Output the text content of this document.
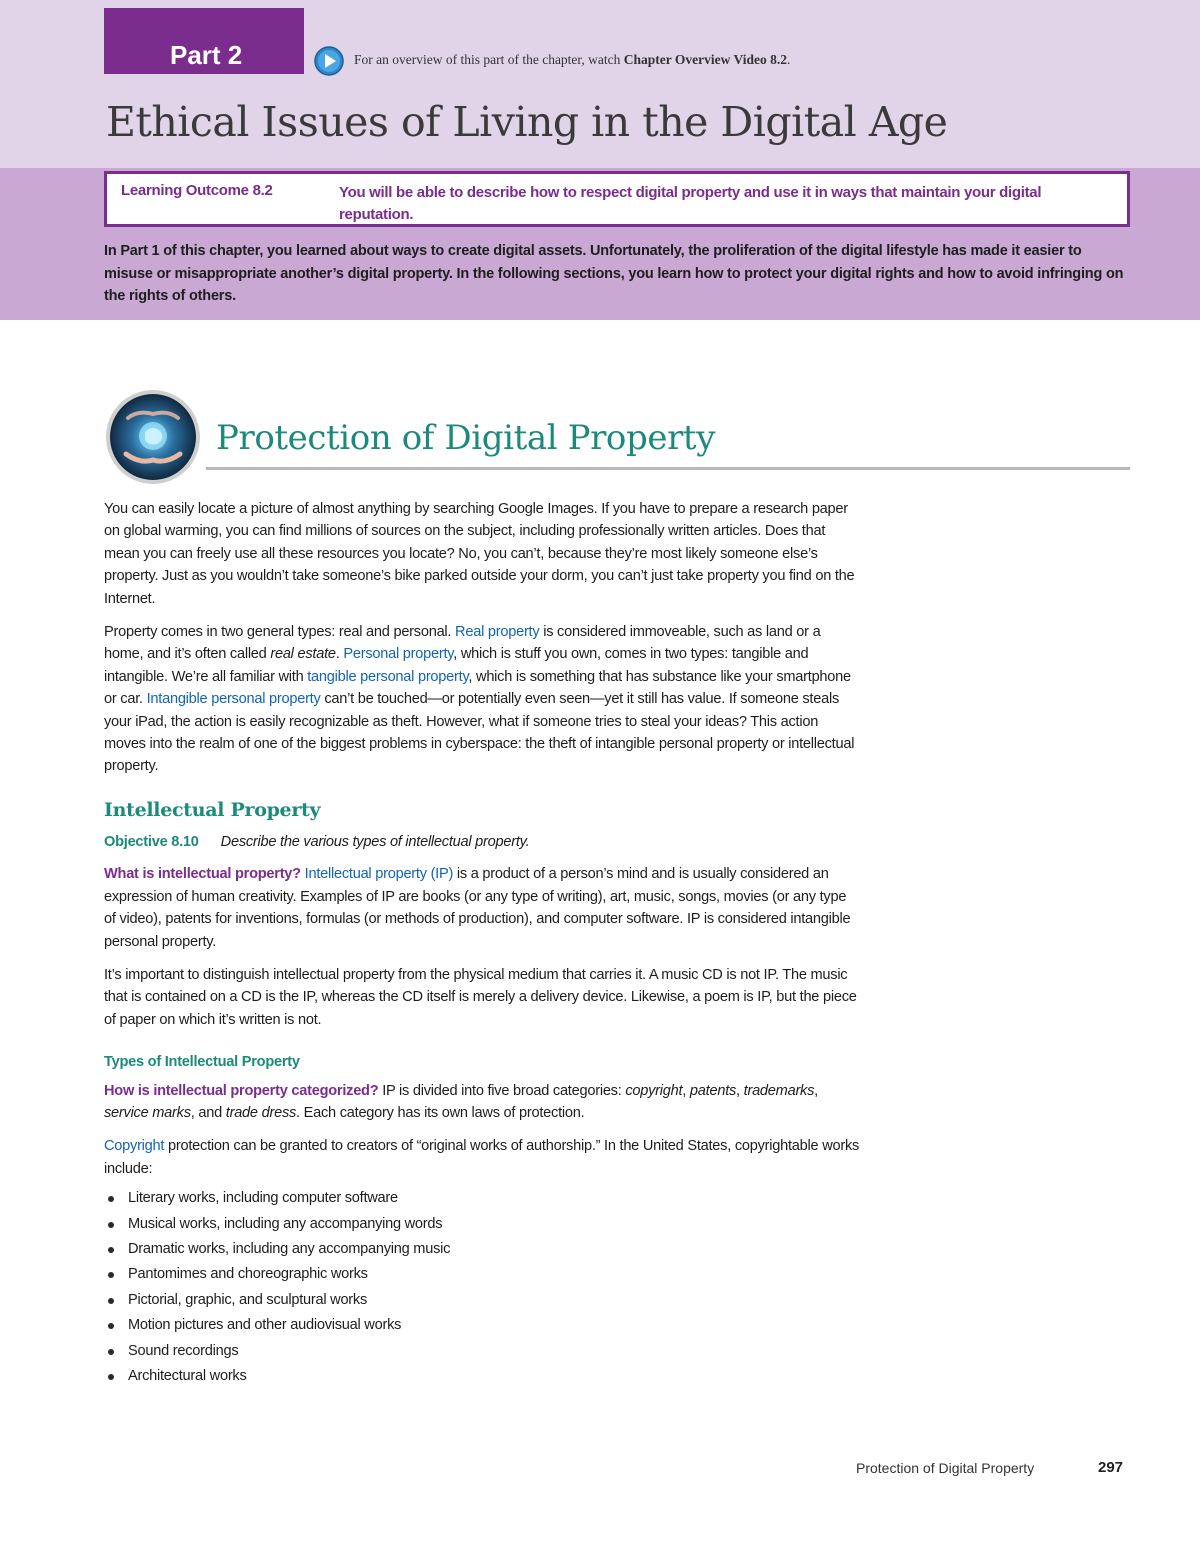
Part 2	For an overview of this part of the chapter, watch Chapter Overview Video 8.2.
Ethical Issues of Living in the Digital Age
Learning Outcome 8.2	You will be able to describe how to respect digital property and use it in ways that maintain your digital reputation.
In Part 1 of this chapter, you learned about ways to create digital assets. Unfortunately, the proliferation of the digital lifestyle has made it easier to misuse or misappropriate another’s digital property. In the following sections, you learn how to protect your digital rights and how to avoid infringing on the rights of others.
Protection of Digital Property

You can easily locate a picture of almost anything by searching Google Images. If you have to prepare a research paper on global warming, you can find millions of sources on the subject, including professionally written articles. Does that mean you can freely use all these resources you locate? No, you can’t, because they’re most likely someone else’s property. Just as you wouldn’t take someone’s bike parked outside your dorm, you can’t just take property you find on the Internet.

Property comes in two general types: real and personal. Real property is considered immoveable, such as land or a home, and it’s often called real estate. Personal property, which is stuff you own, comes in two types: tangible and intangible. We’re all familiar with tangible personal property, which is something that has substance like your smartphone or car. Intangible personal property can’t be touched—or potentially even seen—yet it still has value. If someone steals your iPad, the action is easily recognizable as theft. However, what if someone tries to steal your ideas? This action moves into the realm of one of the biggest problems in cyberspace: the theft of intangible personal property or intellectual property.

Intellectual Property
Objective 8.10 Describe the various types of intellectual property.

What is intellectual property? Intellectual property (IP) is a product of a person’s mind and is usually considered an expression of human creativity. Examples of IP are books (or any type of writing), art, music, songs, movies (or any type of video), patents for inventions, formulas (or methods of production), and computer software. IP is considered intangible personal property.

It’s important to distinguish intellectual property from the physical medium that carries it. A music CD is not IP. The music that is contained on a CD is the IP, whereas the CD itself is merely a delivery device. Likewise, a poem is IP, but the piece of paper on which it’s written is not.

Types of Intellectual Property

How is intellectual property categorized? IP is divided into five broad categories: copyright, patents, trademarks, service marks, and trade dress. Each category has its own laws of protection.

Copyright protection can be granted to creators of “original works of authorship.” In the United States, copyrightable works include:

Literary works, including computer software
Musical works, including any accompanying words
Dramatic works, including any accompanying music
Pantomimes and choreographic works
Pictorial, graphic, and sculptural works
Motion pictures and other audiovisual works
Sound recordings
Architectural works
Protection of Digital Property	297
